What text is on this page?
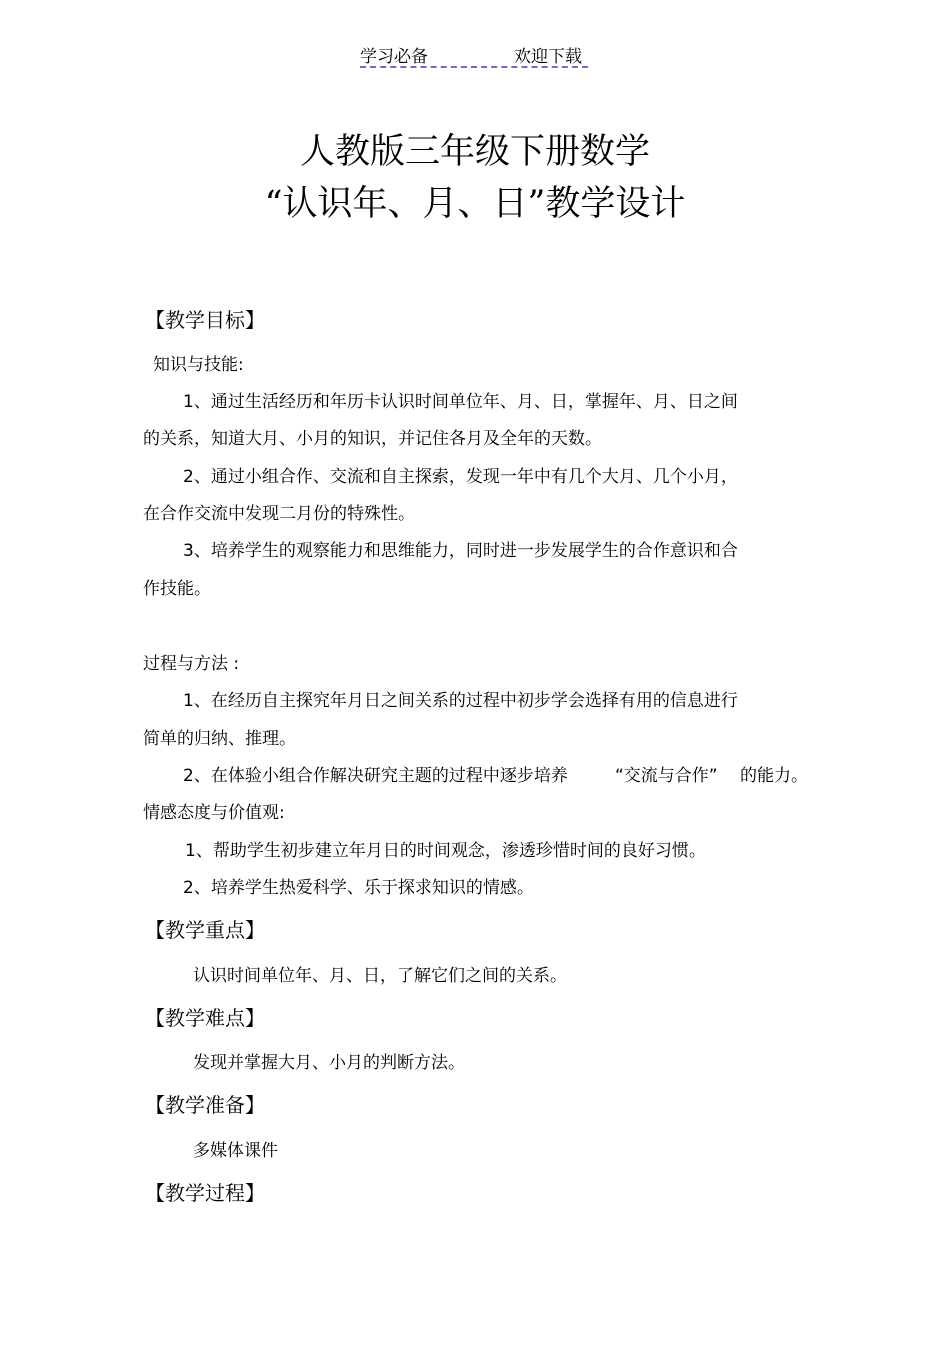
学习必备	欢迎下载
人教版三年级下册数学
“认识年、月、日”教学设计
【教学目标】
知识与技能:
1、通过生活经历和年历卡认识时间单位年、月、日，掌握年、月、日之间
的关系，知道大月、小月的知识，并记住各月及全年的天数。
2、通过小组合作、交流和自主探索，发现一年中有几个大月、几个小月，
在合作交流中发现二月份的特殊性。
3、培养学生的观察能力和思维能力，同时进一步发展学生的合作意识和合
作技能。
过程与方法 :
1、在经历自主探究年月日之间关系的过程中初步学会选择有用的信息进行
简单的归纳、推理。
2、在体验小组合作解决研究主题的过程中逐步培养	“交流与合作” 的能力。
情感态度与价值观:
1、帮助学生初步建立年月日的时间观念，渗透珍惜时间的良好习惯。
2、培养学生热爱科学、乐于探求知识的情感。
【教学重点】
认识时间单位年、月、日，了解它们之间的关系。
【教学难点】
发现并掌握大月、小月的判断方法。
【教学准备】
多媒体课件
【教学过程】
